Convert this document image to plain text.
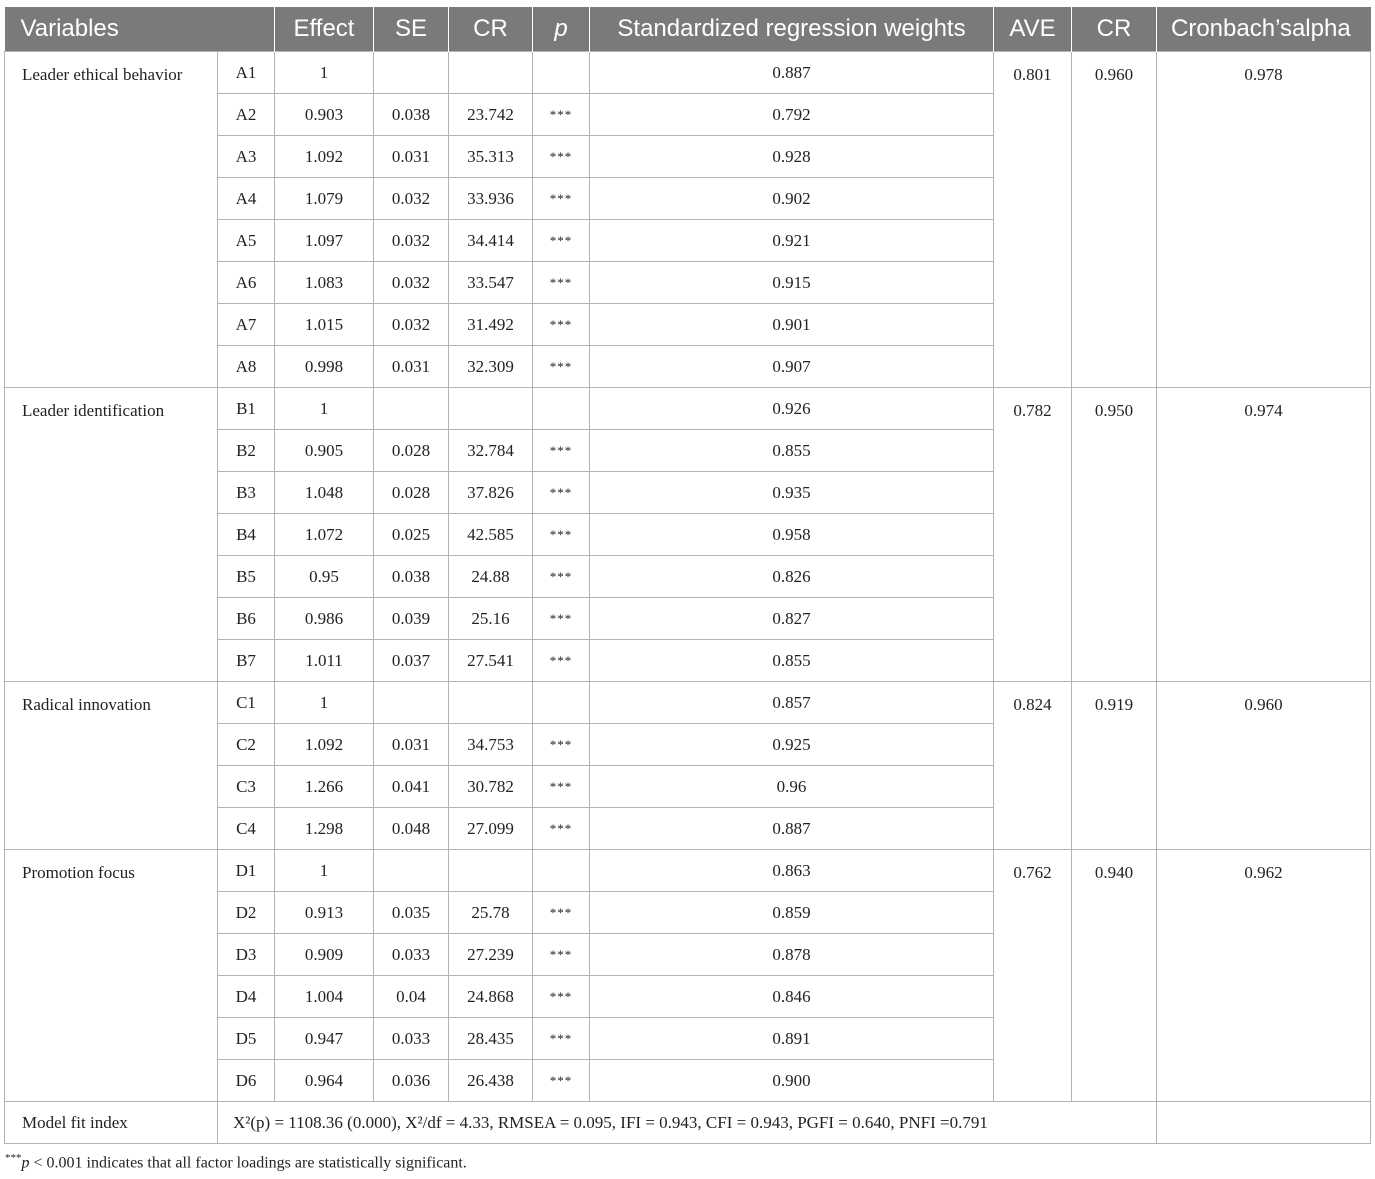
Variables		Effect	SE	CR	p	Standardized regression weights	AVE	CR	Cronbach’salpha
Leader ethical behavior	A1	1				0.887	0.801	0.960	0.978
	A2	0.903	0.038	23.742	***	0.792			
	A3	1.092	0.031	35.313	***	0.928			
	A4	1.079	0.032	33.936	***	0.902			
	A5	1.097	0.032	34.414	***	0.921			
	A6	1.083	0.032	33.547	***	0.915			
	A7	1.015	0.032	31.492	***	0.901			
	A8	0.998	0.031	32.309	***	0.907			
Leader identification	B1	1				0.926	0.782	0.950	0.974
	B2	0.905	0.028	32.784	***	0.855			
	B3	1.048	0.028	37.826	***	0.935			
	B4	1.072	0.025	42.585	***	0.958			
	B5	0.95	0.038	24.88	***	0.826			
	B6	0.986	0.039	25.16	***	0.827			
	B7	1.011	0.037	27.541	***	0.855			
Radical innovation	C1	1				0.857	0.824	0.919	0.960
	C2	1.092	0.031	34.753	***	0.925			
	C3	1.266	0.041	30.782	***	0.96			
	C4	1.298	0.048	27.099	***	0.887			
Promotion focus	D1	1				0.863	0.762	0.940	0.962
	D2	0.913	0.035	25.78	***	0.859			
	D3	0.909	0.033	27.239	***	0.878			
	D4	1.004	0.04	24.868	***	0.846			
	D5	0.947	0.033	28.435	***	0.891			
	D6	0.964	0.036	26.438	***	0.900			
Model fit index	X²(p) = 1108.36 (0.000), X²/df = 4.33, RMSEA = 0.095, IFI = 0.943, CFI = 0.943, PGFI = 0.640, PNFI =0.791								
***p < 0.001 indicates that all factor loadings are statistically significant.
